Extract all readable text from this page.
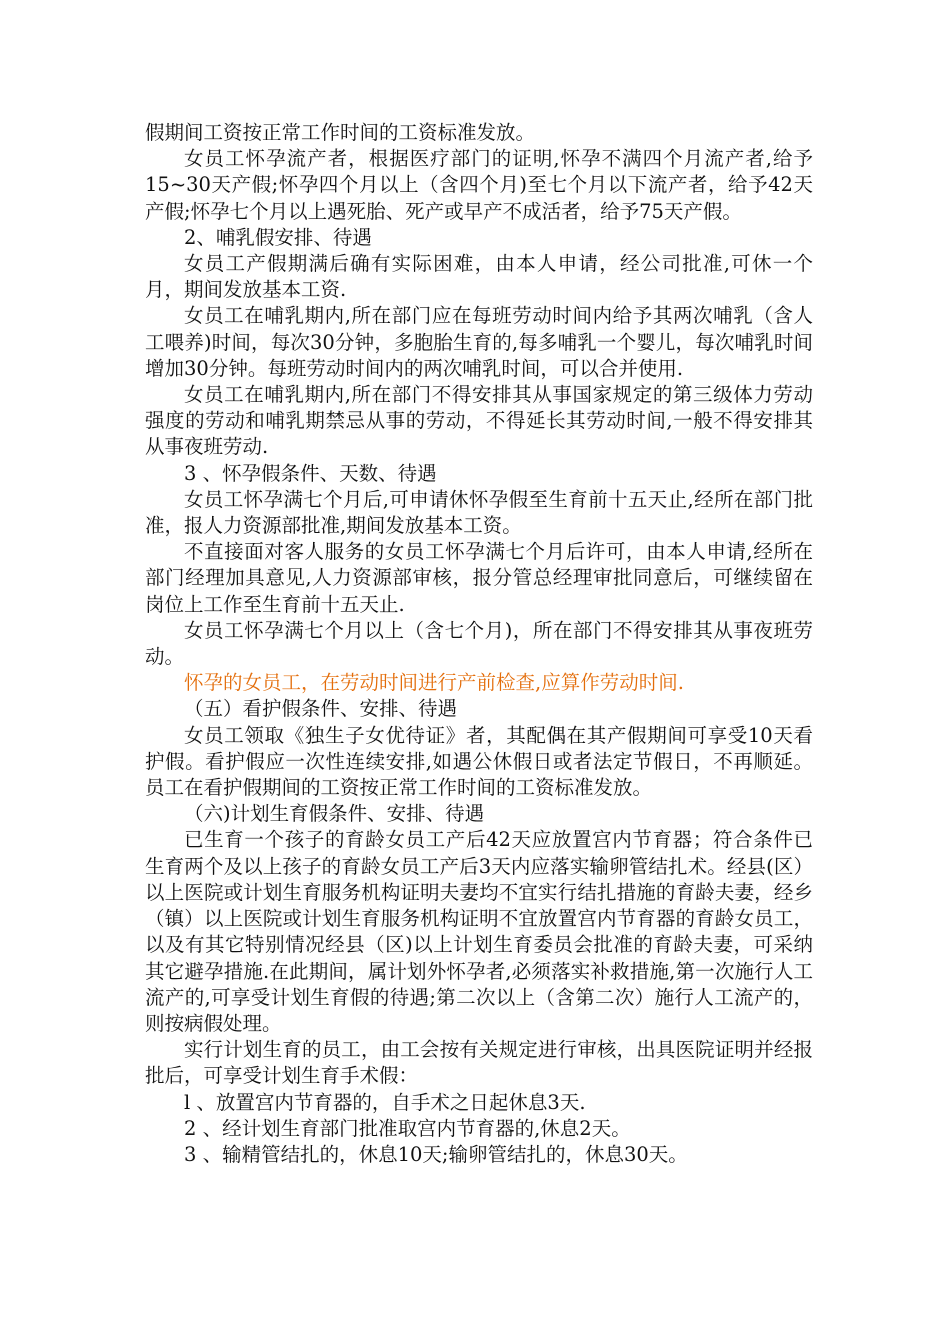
假期间工资按正常工作时间的工资标准发放。

女员工怀孕流产者，根据医疗部门的证明,怀孕不满四个月流产者,给予15~30天产假;怀孕四个月以上（含四个月)至七个月以下流产者，给予42天产假;怀孕七个月以上遇死胎、死产或早产不成活者，给予75天产假。

2、哺乳假安排、待遇

女员工产假期满后确有实际困难，由本人申请，经公司批准,可休一个月，期间发放基本工资.

女员工在哺乳期内,所在部门应在每班劳动时间内给予其两次哺乳（含人工喂养)时间，每次30分钟，多胞胎生育的,每多哺乳一个婴儿，每次哺乳时间增加30分钟。每班劳动时间内的两次哺乳时间，可以合并使用.

女员工在哺乳期内,所在部门不得安排其从事国家规定的第三级体力劳动强度的劳动和哺乳期禁忌从事的劳动，不得延长其劳动时间,一般不得安排其从事夜班劳动.

3 、怀孕假条件、天数、待遇

女员工怀孕满七个月后,可申请休怀孕假至生育前十五天止,经所在部门批准，报人力资源部批准,期间发放基本工资。

不直接面对客人服务的女员工怀孕满七个月后许可，由本人申请,经所在部门经理加具意见,人力资源部审核，报分管总经理审批同意后，可继续留在岗位上工作至生育前十五天止.

女员工怀孕满七个月以上（含七个月)，所在部门不得安排其从事夜班劳动。

怀孕的女员工，在劳动时间进行产前检查,应算作劳动时间.

（五）看护假条件、安排、待遇

女员工领取《独生子女优待证》者，其配偶在其产假期间可享受10天看护假。看护假应一次性连续安排,如遇公休假日或者法定节假日，不再顺延。员工在看护假期间的工资按正常工作时间的工资标准发放。

（六)计划生育假条件、安排、待遇

已生育一个孩子的育龄女员工产后42天应放置宫内节育器；符合条件已生育两个及以上孩子的育龄女员工产后3天内应落实输卵管结扎术。经县(区）以上医院或计划生育服务机构证明夫妻均不宜实行结扎措施的育龄夫妻，经乡（镇）以上医院或计划生育服务机构证明不宜放置宫内节育器的育龄女员工，以及有其它特别情况经县（区)以上计划生育委员会批准的育龄夫妻，可采纳其它避孕措施.在此期间，属计划外怀孕者,必须落实补救措施,第一次施行人工流产的,可享受计划生育假的待遇;第二次以上（含第二次）施行人工流产的，则按病假处理。

实行计划生育的员工，由工会按有关规定进行审核，出具医院证明并经报批后，可享受计划生育手术假：

l 、放置宫内节育器的，自手术之日起休息3天.

2 、经计划生育部门批准取宫内节育器的,休息2天。

3 、输精管结扎的，休息10天;输卵管结扎的，休息30天。
